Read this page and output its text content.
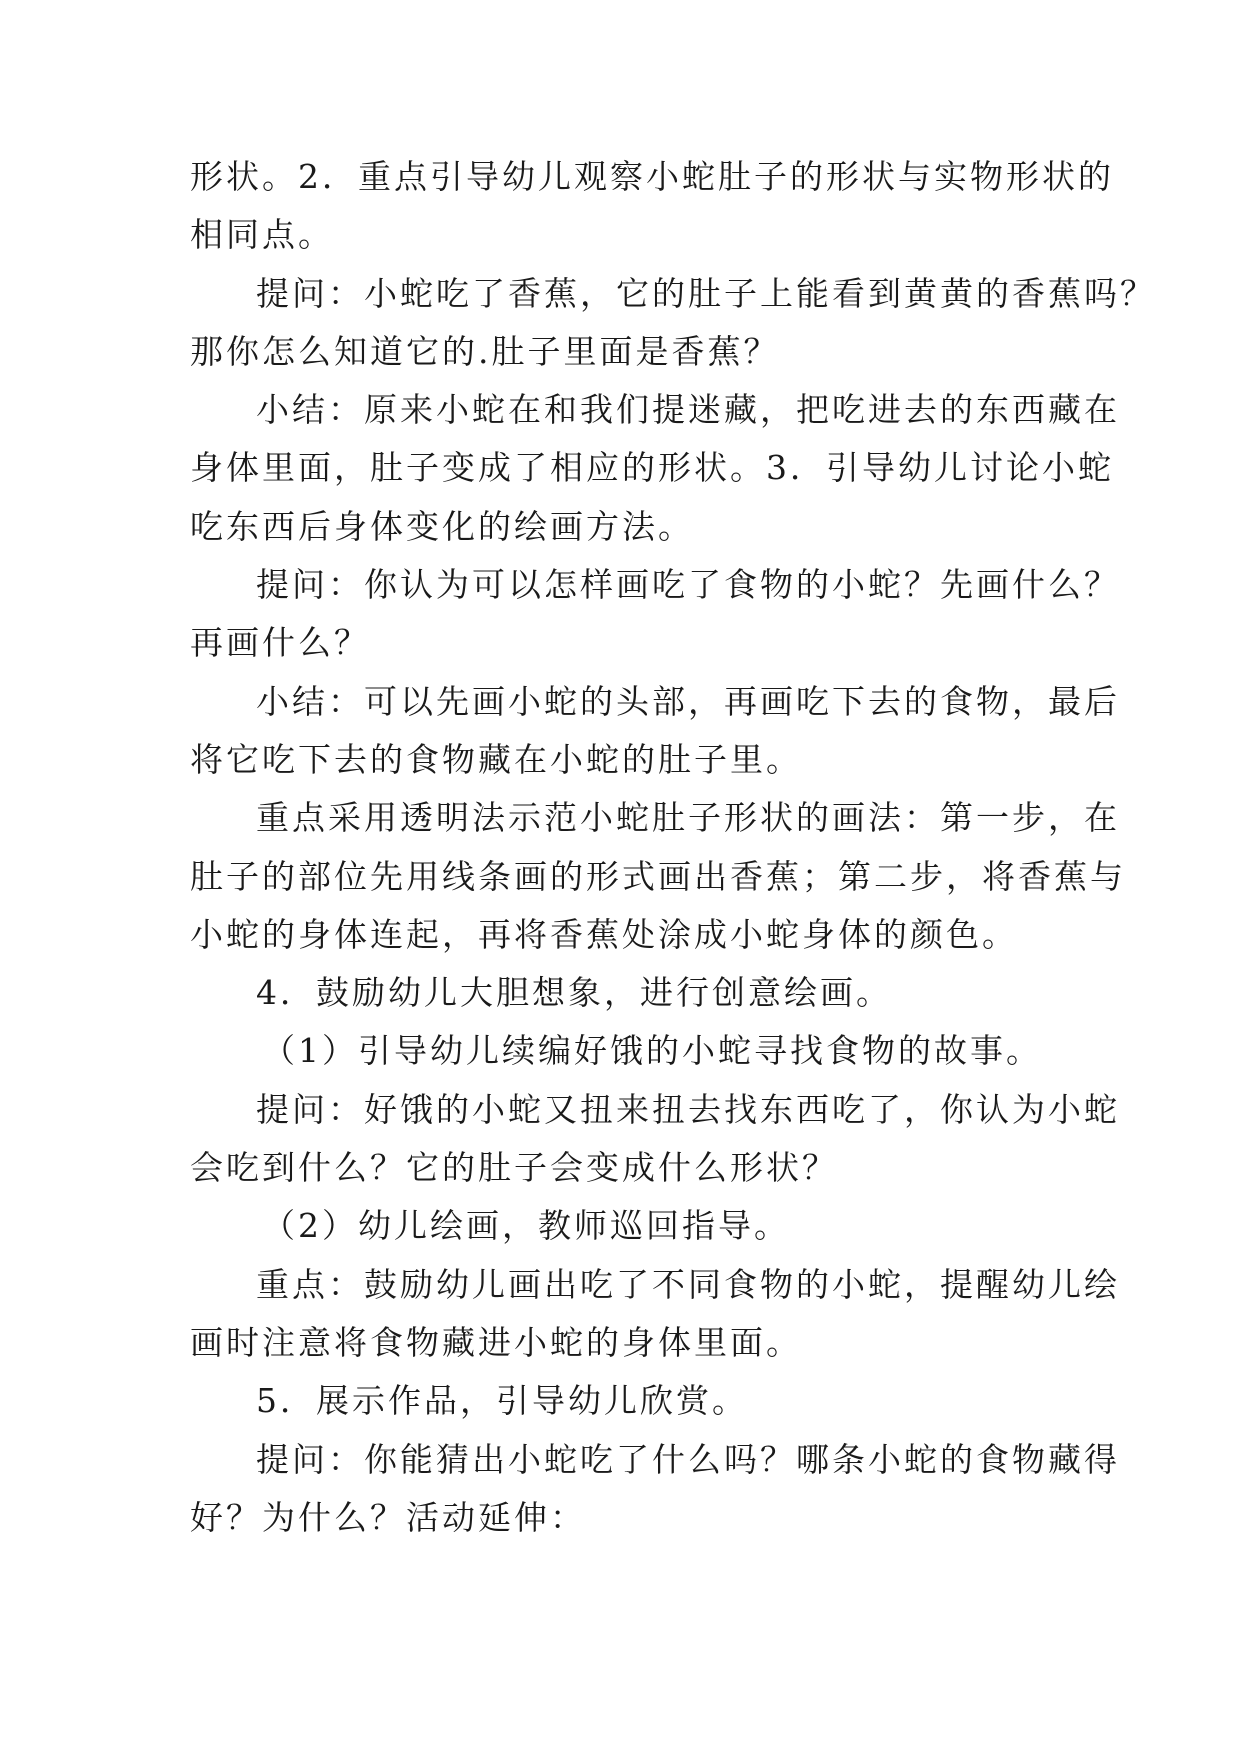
形状。2．重点引导幼儿观察小蛇肚子的形状与实物形状的
相同点。

提问：小蛇吃了香蕉，它的肚子上能看到黄黄的香蕉吗？
那你怎么知道它的.肚子里面是香蕉？

小结：原来小蛇在和我们提迷藏，把吃进去的东西藏在
身体里面，肚子变成了相应的形状。3．引导幼儿讨论小蛇
吃东西后身体变化的绘画方法。

提问：你认为可以怎样画吃了食物的小蛇？先画什么？
再画什么？

小结：可以先画小蛇的头部，再画吃下去的食物，最后
将它吃下去的食物藏在小蛇的肚子里。

重点采用透明法示范小蛇肚子形状的画法：第一步，在
肚子的部位先用线条画的形式画出香蕉；第二步，将香蕉与
小蛇的身体连起，再将香蕉处涂成小蛇身体的颜色。

4．鼓励幼儿大胆想象，进行创意绘画。

（1）引导幼儿续编好饿的小蛇寻找食物的故事。

提问：好饿的小蛇又扭来扭去找东西吃了，你认为小蛇
会吃到什么？它的肚子会变成什么形状？

（2）幼儿绘画，教师巡回指导。

重点：鼓励幼儿画出吃了不同食物的小蛇，提醒幼儿绘
画时注意将食物藏进小蛇的身体里面。

5．展示作品，引导幼儿欣赏。

提问：你能猜出小蛇吃了什么吗？哪条小蛇的食物藏得
好？为什么？活动延伸：
